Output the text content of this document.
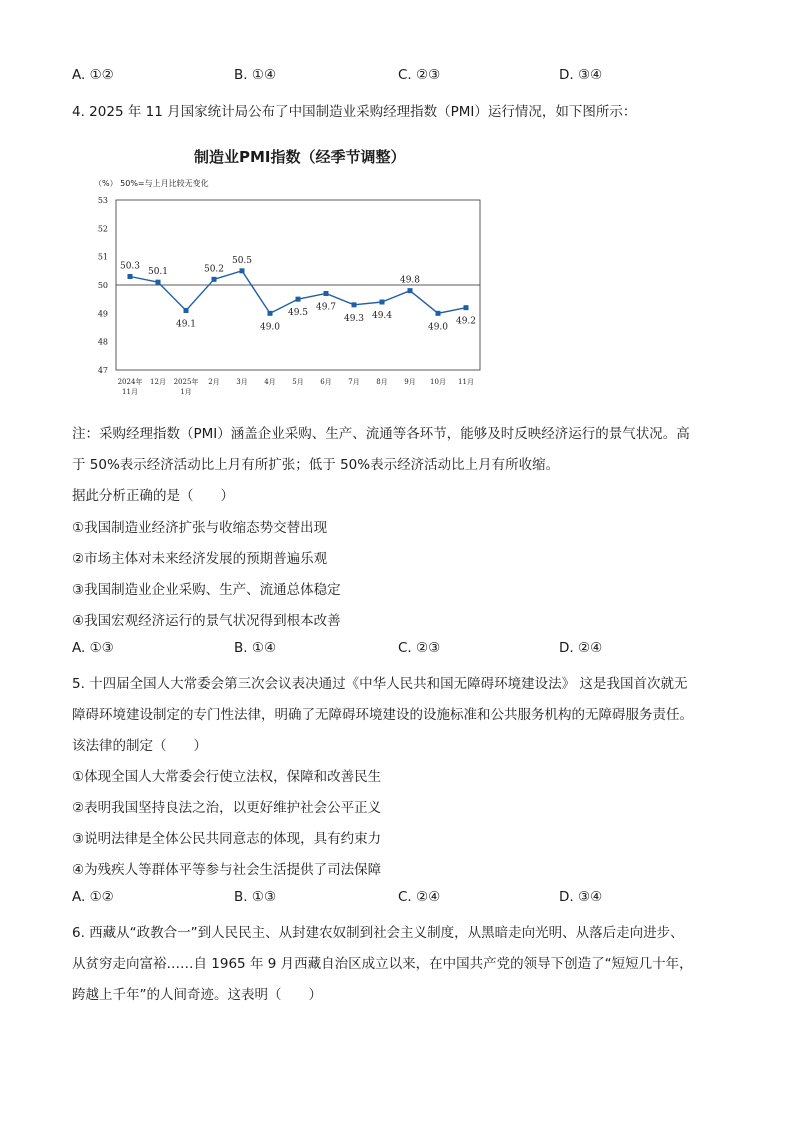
A. ①②	B. ①④	C. ②③	D. ③④
4. 2025 年 11 月国家统计局公布了中国制造业采购经理指数（PMI）运行情况，如下图所示：
制造业PMI指数（经季节调整）
（%） 50%=与上月比较无变化
47
48
49
50
51
52
53
2024年 11月
12月 2025年 1月
2月 3月 4月 5月 6月 7月 8月 9月 10月 11月
50.3
50.1
49.1
50.2
50.5
49.0
49.5
49.7
49.3 49.4
49.8
49.0
49.2
注：采购经理指数（PMI）涵盖企业采购、生产、流通等各环节，能够及时反映经济运行的景气状况。高
于 50%表示经济活动比上月有所扩张；低于 50%表示经济活动比上月有所收缩。
据此分析正确的是（　　）
①我国制造业经济扩张与收缩态势交替出现
②市场主体对未来经济发展的预期普遍乐观
③我国制造业企业采购、生产、流通总体稳定
④我国宏观经济运行的景气状况得到根本改善
A. ①③	B. ①④	C. ②③	D. ②④
5. 十四届全国人大常委会第三次会议表决通过《中华人民共和国无障碍环境建设法》 这是我国首次就无
障碍环境建设制定的专门性法律，明确了无障碍环境建设的设施标准和公共服务机构的无障碍服务责任。
该法律的制定（　　）
①体现全国人大常委会行使立法权，保障和改善民生
②表明我国坚持良法之治，以更好维护社会公平正义
③说明法律是全体公民共同意志的体现，具有约束力
④为残疾人等群体平等参与社会生活提供了司法保障
A. ①②	B. ①③	C. ②④	D. ③④
6. 西藏从“政教合一”到人民民主、从封建农奴制到社会主义制度，从黑暗走向光明、从落后走向进步、
从贫穷走向富裕……自 1965 年 9 月西藏自治区成立以来，在中国共产党的领导下创造了“短短几十年，
跨越上千年”的人间奇迹。这表明（　　）
